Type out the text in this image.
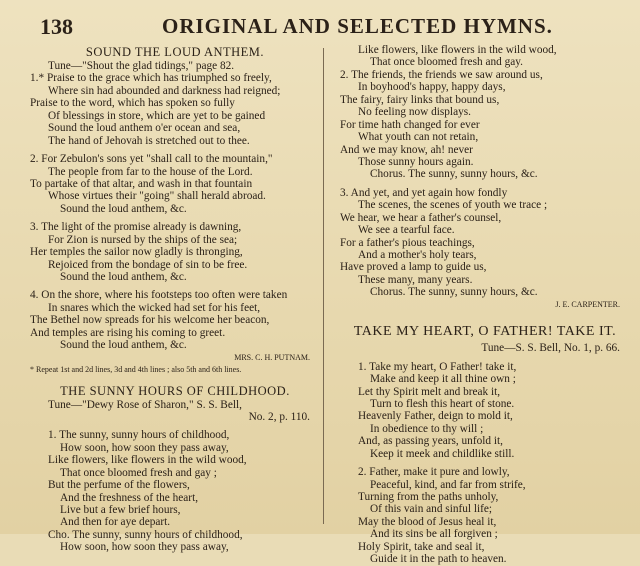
138	ORIGINAL AND SELECTED HYMNS.
SOUND THE LOUD ANTHEM.
Tune—"Shout the glad tidings," page 82.
1.* Praise to the grace which has triumphed so freely,
Where sin had abounded and darkness had reigned;
Praise to the word, which has spoken so fully
Of blessings in store, which are yet to be gained
Sound the loud anthem o'er ocean and sea,
The hand of Jehovah is stretched out to thee.
2. For Zebulon's sons yet "shall call to the mountain,"
The people from far to the house of the Lord.
To partake of that altar, and wash in that fountain
Whose virtues their "going" shall herald abroad.
Sound the loud anthem, &c.
3. The light of the promise already is dawning,
For Zion is nursed by the ships of the sea;
Her temples the sailor now gladly is thronging,
Rejoiced from the bondage of sin to be free.
Sound the loud anthem, &c.
4. On the shore, where his footsteps too often were taken
In snares which the wicked had set for his feet,
The Bethel now spreads for his welcome her beacon,
And temples are rising his coming to greet.
Sound the loud anthem, &c.
MRS. C. H. PUTNAM.
* Repeat 1st and 2d lines, 3d and 4th lines ; also 5th and 6th lines.
THE SUNNY HOURS OF CHILDHOOD.
Tune—"Dewy Rose of Sharon," S. S. Bell,
No. 2, p. 110.
1. The sunny, sunny hours of childhood,
How soon, how soon they pass away,
Like flowers, like flowers in the wild wood,
That once bloomed fresh and gay ;
But the perfume of the flowers,
And the freshness of the heart,
Live but a few brief hours,
And then for aye depart.
Cho. The sunny, sunny hours of childhood,
How soon, how soon they pass away,
Like flowers, like flowers in the wild wood,
That once bloomed fresh and gay.
2. The friends, the friends we saw around us,
In boyhood's happy, happy days,
The fairy, fairy links that bound us,
No feeling now displays.
For time hath changed for ever
What youth can not retain,
And we may know, ah! never
Those sunny hours again.
Chorus. The sunny, sunny hours, &c.
3. And yet, and yet again how fondly
The scenes, the scenes of youth we trace ;
We hear, we hear a father's counsel,
We see a tearful face.
For a father's pious teachings,
And a mother's holy tears,
Have proved a lamp to guide us,
These many, many years.
Chorus. The sunny, sunny hours, &c.
J. E. CARPENTER.
TAKE MY HEART, O FATHER! TAKE IT.
Tune—S. S. Bell, No. 1, p. 66.
1. Take my heart, O Father! take it,
Make and keep it all thine own ;
Let thy Spirit melt and break it,
Turn to flesh this heart of stone.
Heavenly Father, deign to mold it,
In obedience to thy will ;
And, as passing years, unfold it,
Keep it meek and childlike still.
2. Father, make it pure and lowly,
Peaceful, kind, and far from strife,
Turning from the paths unholy,
Of this vain and sinful life;
May the blood of Jesus heal it,
And its sins be all forgiven ;
Holy Spirit, take and seal it,
Guide it in the path to heaven.
